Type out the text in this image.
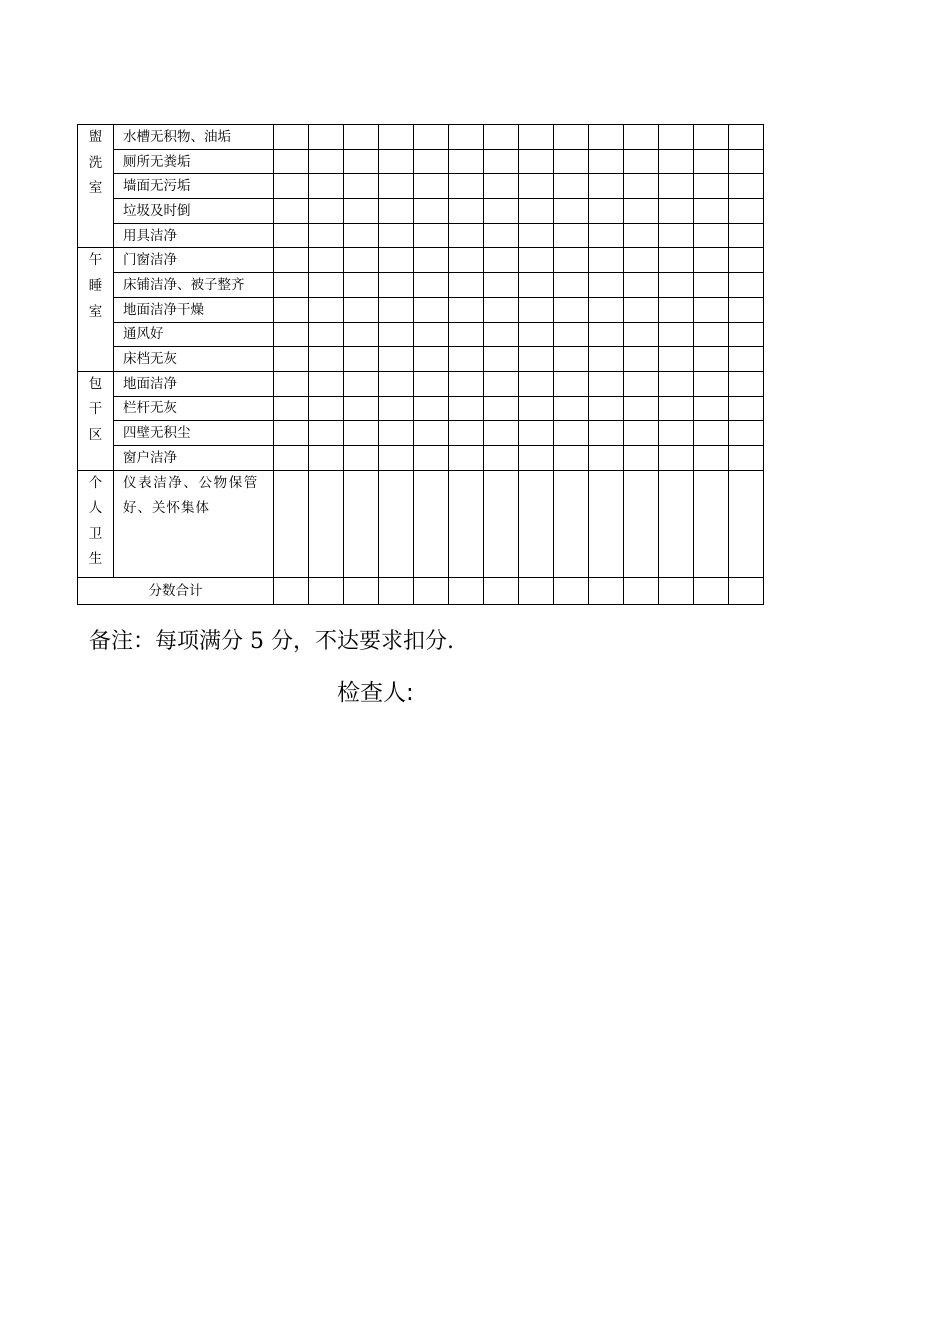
盥
洗
室	水槽无积物、油垢														
	厕所无粪垢														
	墙面无污垢														
	垃圾及时倒														
	用具洁净														

午
睡
室	门窗洁净														
	床铺洁净、被子整齐														
	地面洁净干燥														
	通风好														
	床档无灰														

包
干
区	地面洁净														
	栏杆无灰														
	四壁无积尘														
	窗户洁净														

个
人
卫
生	仪表洁净、公物保管
好、关怀集体														

分数合计															
备注：每项满分 5 分，不达要求扣分.
检查人:
